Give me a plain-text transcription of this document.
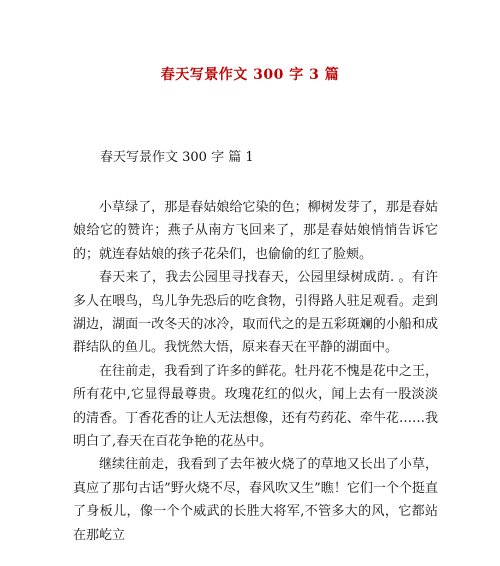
春天写景作文 300 字 3 篇
春天写景作文 300 字 篇 1

小草绿了，那是春姑娘给它染的色；柳树发芽了，那是春姑娘给它的赞许；燕子从南方飞回来了，那是春姑娘悄悄告诉它的；就连春姑娘的孩子花朵们，也偷偷的红了脸颊。

春天来了，我去公园里寻找春天，公园里绿树成荫. 。有许多人在喂鸟，鸟儿争先恐后的吃食物，引得路人驻足观看。走到湖边，湖面一改冬天的冰冷，取而代之的是五彩斑斓的小船和成群结队的鱼儿。我恍然大悟，原来春天在平静的湖面中。

在往前走，我看到了许多的鲜花。牡丹花不愧是花中之王，所有花中,它显得最尊贵。玫瑰花红的似火，闻上去有一股淡淡的清香。丁香花香的让人无法想像，还有芍药花、牵牛花……我明白了,春天在百花争艳的花丛中。

继续往前走，我看到了去年被火烧了的草地又长出了小草，真应了那句古话”野火烧不尽，春风吹又生”瞧！它们一个个挺直了身板儿，像一个个威武的长胜大将军,不管多大的风，它都站在那屹立
